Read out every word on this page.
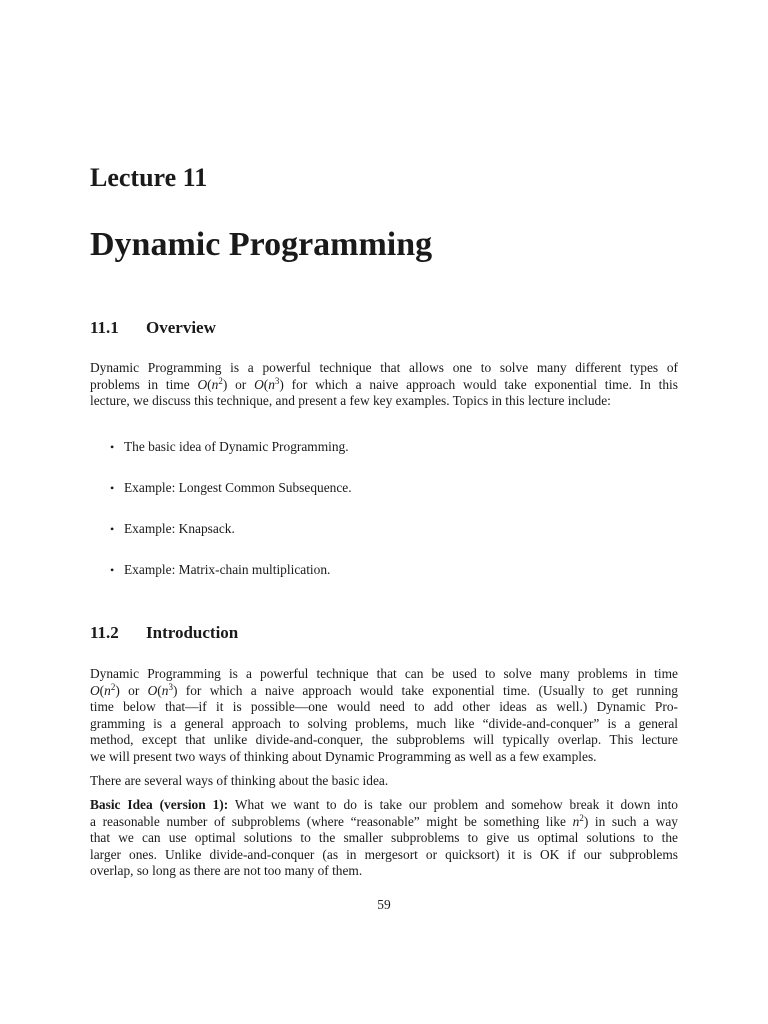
Lecture 11
Dynamic Programming
11.1 Overview
Dynamic Programming is a powerful technique that allows one to solve many different types of
problems in time $O(n^2)$ or $O(n^3)$ for which a naive approach would take exponential time. In this
lecture, we discuss this technique, and present a few key examples. Topics in this lecture include:
• The basic idea of Dynamic Programming.
• Example: Longest Common Subsequence.
• Example: Knapsack.
• Example: Matrix-chain multiplication.
11.2 Introduction
Dynamic Programming is a powerful technique that can be used to solve many problems in time
$O(n^2)$ or $O(n^3)$ for which a naive approach would take exponential time. (Usually to get running
time below that—if it is possible—one would need to add other ideas as well.) Dynamic Pro-
gramming is a general approach to solving problems, much like “divide-and-conquer” is a general
method, except that unlike divide-and-conquer, the subproblems will typically overlap. This lecture
we will present two ways of thinking about Dynamic Programming as well as a few examples.
There are several ways of thinking about the basic idea.
Basic Idea (version 1): What we want to do is take our problem and somehow break it down into
a reasonable number of subproblems (where “reasonable” might be something like $n^2$) in such a way
that we can use optimal solutions to the smaller subproblems to give us optimal solutions to the
larger ones. Unlike divide-and-conquer (as in mergesort or quicksort) it is OK if our subproblems
overlap, so long as there are not too many of them.
59
